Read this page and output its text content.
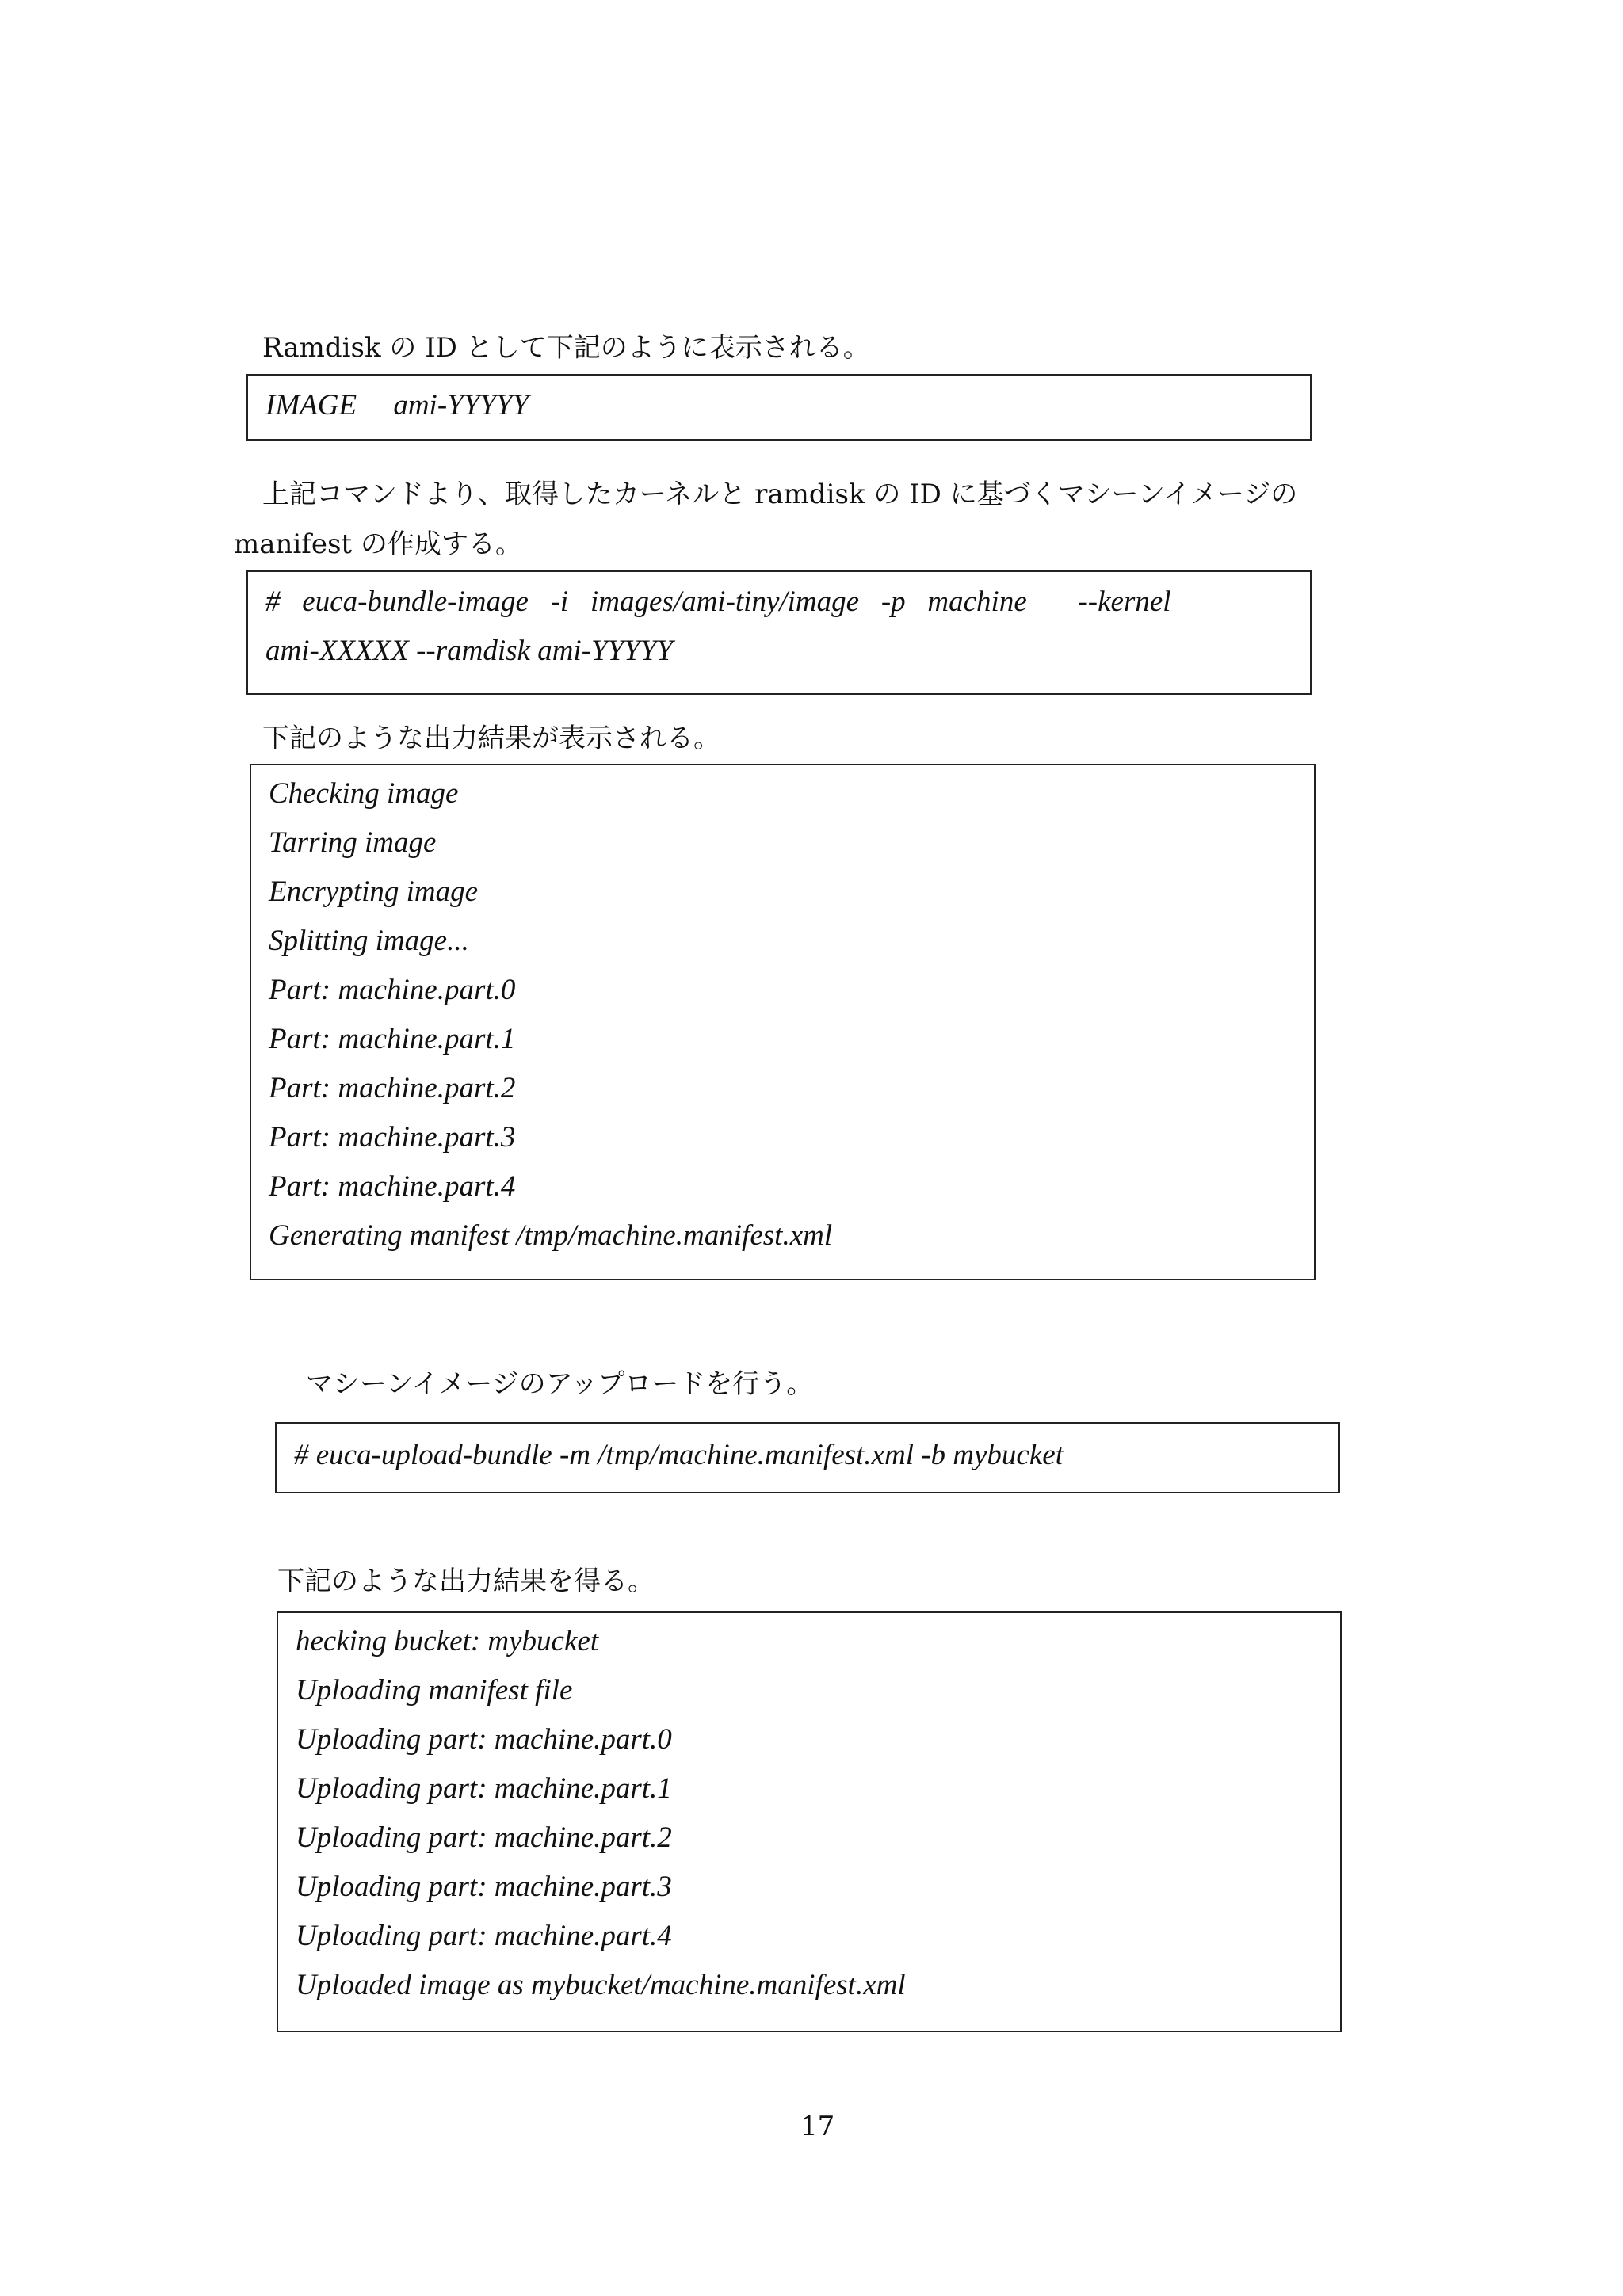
Ramdisk の ID として下記のように表示される。
IMAGE     ami-YYYYY
上記コマンドより、取得したカーネルと ramdisk の ID に基づくマシーンイメージの
manifest の作成する。
#   euca-bundle-image   -i   images/ami-tiny/image   -p   machine       --kernel
ami-XXXXX --ramdisk ami-YYYYY
下記のような出力結果が表示される。
Checking image
Tarring image
Encrypting image
Splitting image...
Part: machine.part.0
Part: machine.part.1
Part: machine.part.2
Part: machine.part.3
Part: machine.part.4
Generating manifest /tmp/machine.manifest.xml
マシーンイメージのアップロードを行う。
# euca-upload-bundle -m /tmp/machine.manifest.xml -b mybucket
下記のような出力結果を得る。
hecking bucket: mybucket
Uploading manifest file
Uploading part: machine.part.0
Uploading part: machine.part.1
Uploading part: machine.part.2
Uploading part: machine.part.3
Uploading part: machine.part.4
Uploaded image as mybucket/machine.manifest.xml
17
